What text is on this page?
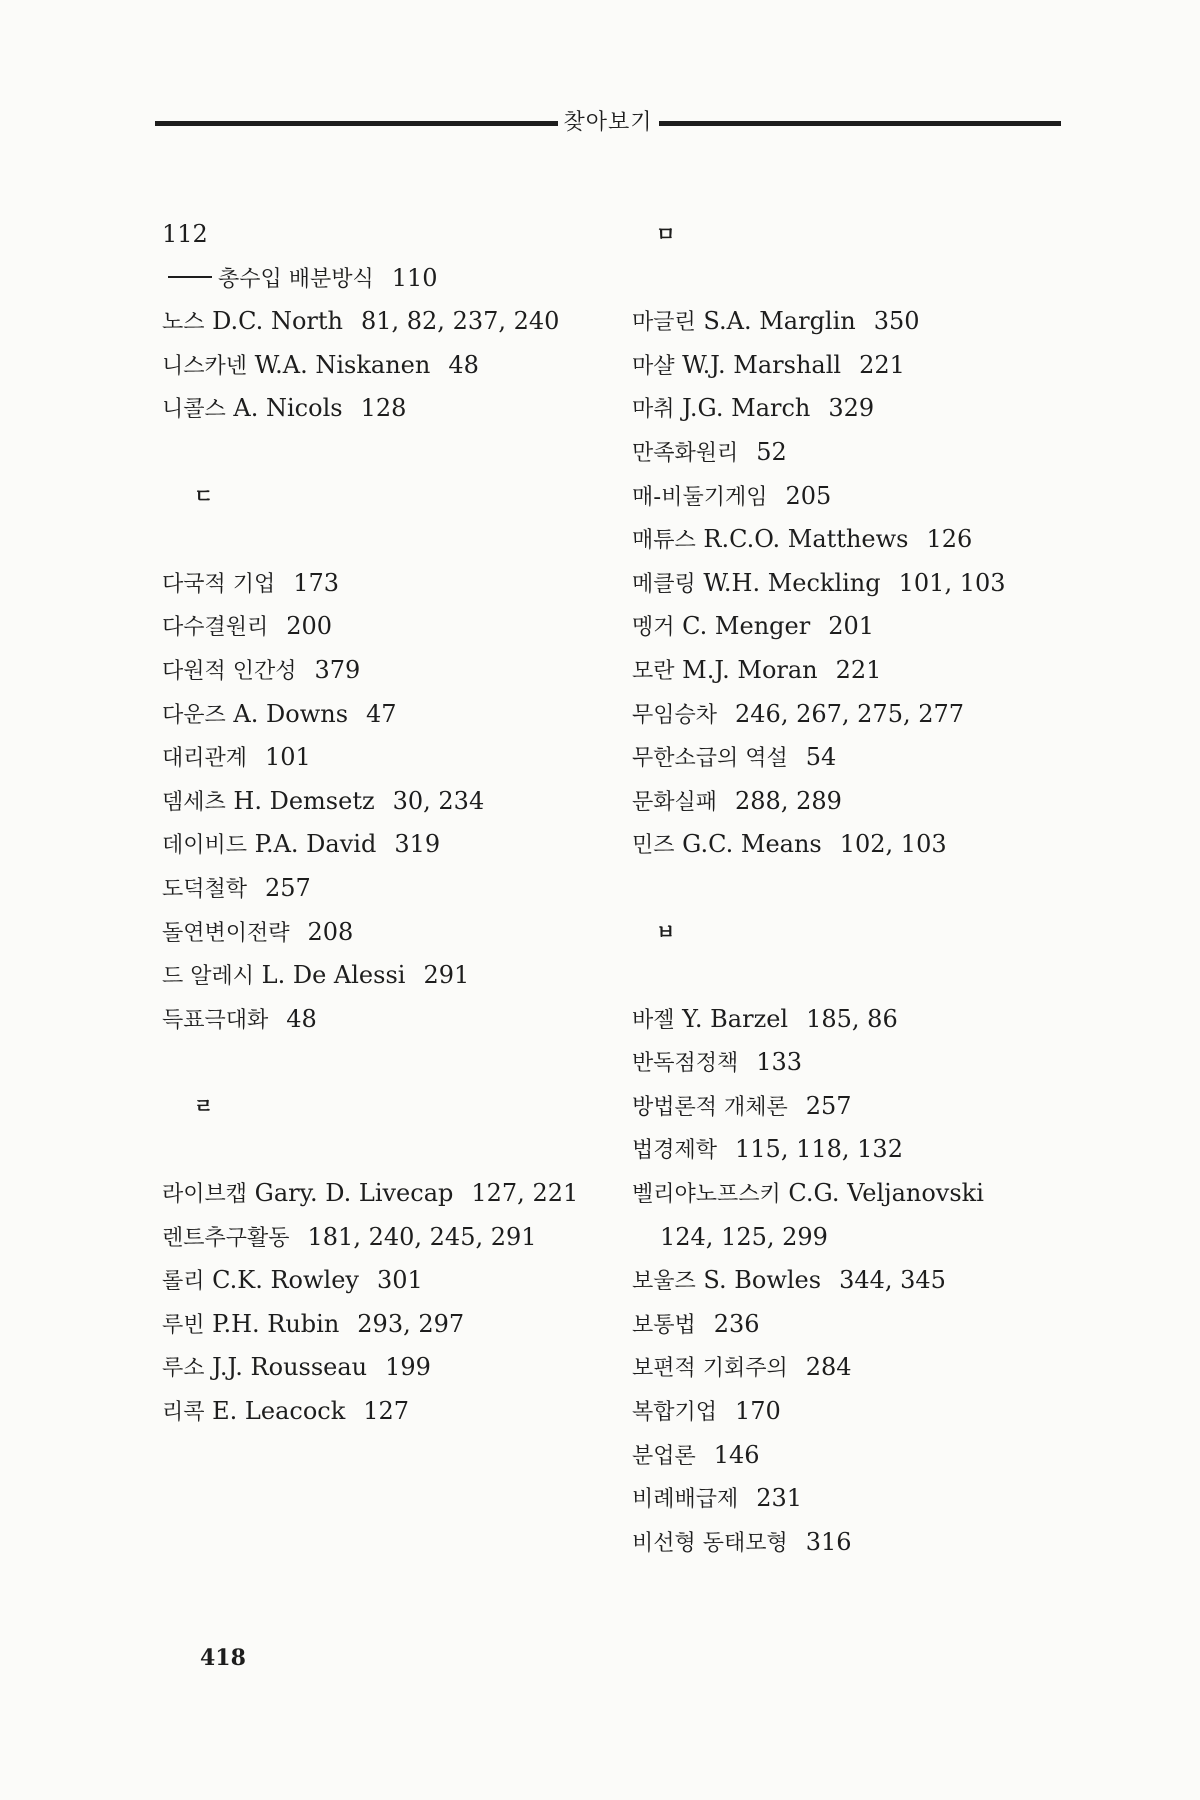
찾아보기
112
총수입 배분방식 110
노스 D.C. North 81, 82, 237, 240
니스카넨 W.A. Niskanen 48
니콜스 A. Nicols 128
ㄷ
다국적 기업 173
다수결원리 200
다원적 인간성 379
다운즈 A. Downs 47
대리관계 101
뎀세츠 H. Demsetz 30, 234
데이비드 P.A. David 319
도덕철학 257
돌연변이전략 208
드 알레시 L. De Alessi 291
득표극대화 48
ㄹ
라이브캡 Gary. D. Livecap 127, 221
렌트추구활동 181, 240, 245, 291
롤리 C.K. Rowley 301
루빈 P.H. Rubin 293, 297
루소 J.J. Rousseau 199
리콕 E. Leacock 127
ㅁ
마글린 S.A. Marglin 350
마샬 W.J. Marshall 221
마취 J.G. March 329
만족화원리 52
매-비둘기게임 205
매튜스 R.C.O. Matthews 126
메클링 W.H. Meckling 101, 103
멩거 C. Menger 201
모란 M.J. Moran 221
무임승차 246, 267, 275, 277
무한소급의 역설 54
문화실패 288, 289
민즈 G.C. Means 102, 103
ㅂ
바젤 Y. Barzel 185, 86
반독점정책 133
방법론적 개체론 257
법경제학 115, 118, 132
벨리야노프스키 C.G. Veljanovski
124, 125, 299
보울즈 S. Bowles 344, 345
보통법 236
보편적 기회주의 284
복합기업 170
분업론 146
비례배급제 231
비선형 동태모형 316
418
